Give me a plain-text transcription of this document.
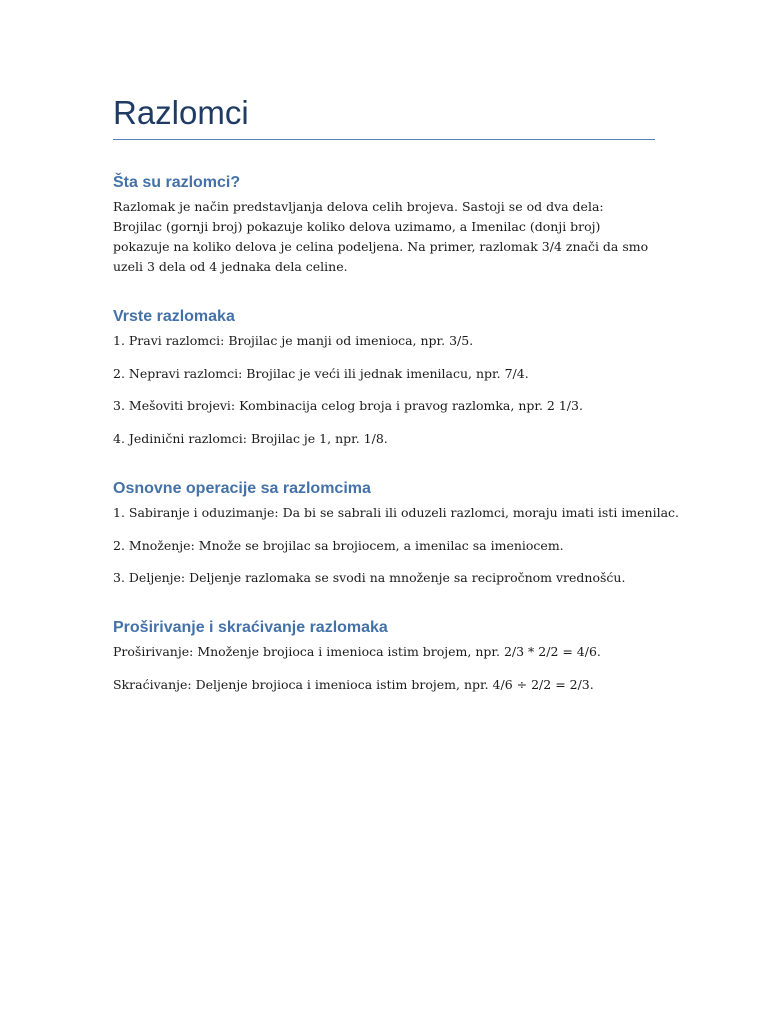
Razlomci
Šta su razlomci?

Razlomak je način predstavljanja delova celih brojeva. Sastoji se od dva dela: Brojilac (gornji broj) pokazuje koliko delova uzimamo, a Imenilac (donji broj) pokazuje na koliko delova je celina podeljena. Na primer, razlomak 3/4 znači da smo uzeli 3 dela od 4 jednaka dela celine.

Vrste razlomaka

1. Pravi razlomci: Brojilac je manji od imenioca, npr. 3/5.

2. Nepravi razlomci: Brojilac je veći ili jednak imenilacu, npr. 7/4.

3. Mešoviti brojevi: Kombinacija celog broja i pravog razlomka, npr. 2 1/3.

4. Jedinični razlomci: Brojilac je 1, npr. 1/8.

Osnovne operacije sa razlomcima

1. Sabiranje i oduzimanje: Da bi se sabrali ili oduzeli razlomci, moraju imati isti imenilac.

2. Množenje: Množe se brojilac sa brojiocem, a imenilac sa imeniocem.

3. Deljenje: Deljenje razlomaka se svodi na množenje sa recipročnom vrednošću.

Proširivanje i skraćivanje razlomaka

Proširivanje: Množenje brojioca i imenioca istim brojem, npr. 2/3 * 2/2 = 4/6.

Skraćivanje: Deljenje brojioca i imenioca istim brojem, npr. 4/6 ÷ 2/2 = 2/3.
